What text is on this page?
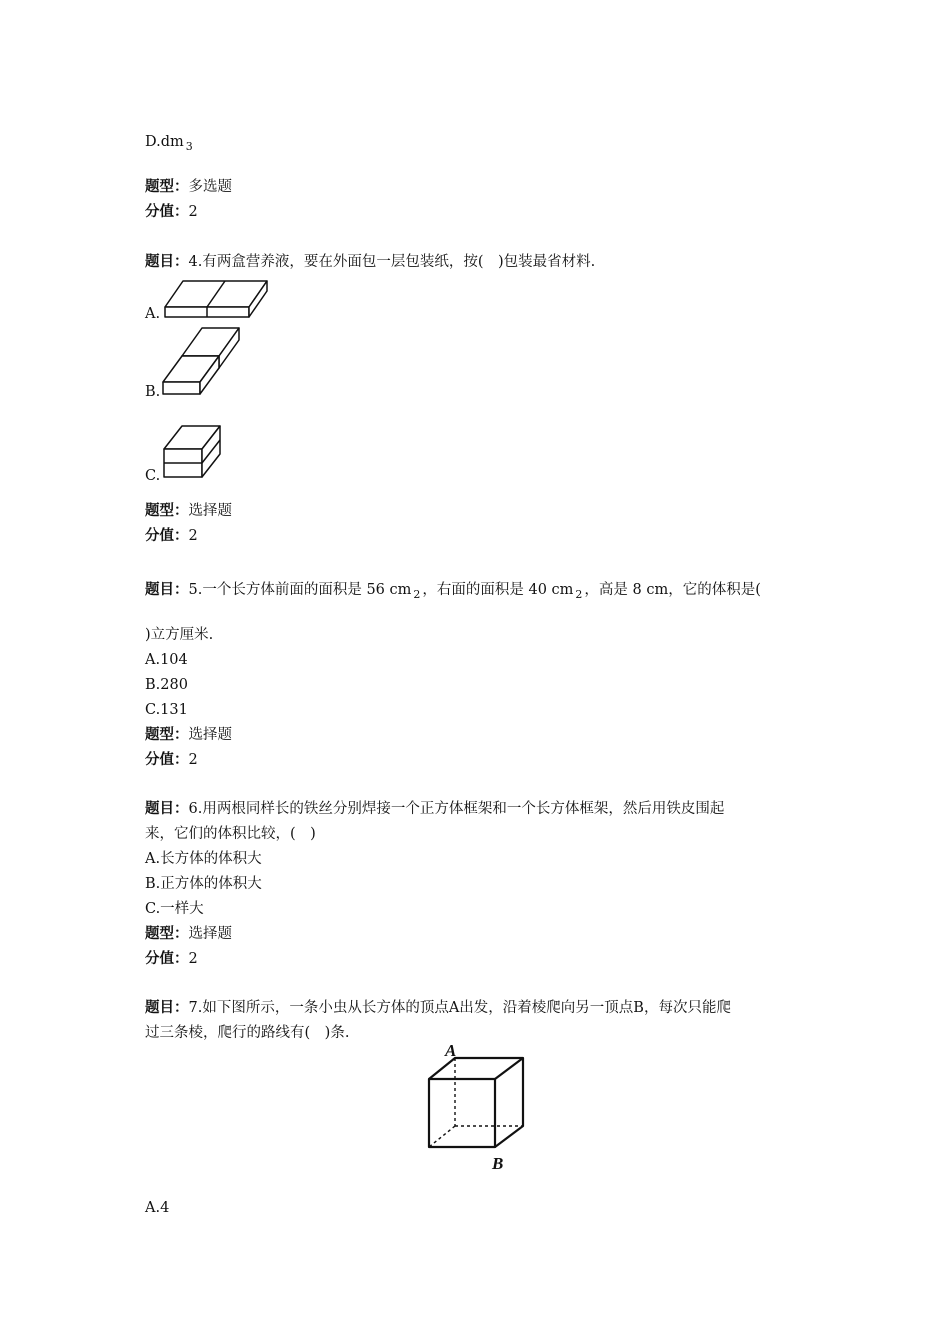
D.dm $_3$
题型：多选题
分值：2
题目：4.有两盒营养液，要在外面包一层包装纸，按(　)包装最省材料.
A.
B.
C.
题型：选择题
分值：2
题目：5.一个长方体前面的面积是 56 cm $_2$ ，右面的面积是 40 cm $_2$ ，高是 8 cm，它的体积是(
)立方厘米.
A.104
B.280
C.131
题型：选择题
分值：2
题目：6.用两根同样长的铁丝分别焊接一个正方体框架和一个长方体框架，然后用铁皮围起
来，它们的体积比较，(　)
A.长方体的体积大
B.正方体的体积大
C.一样大
题型：选择题
分值：2
题目：7.如下图所示，一条小虫从长方体的顶点A出发，沿着棱爬向另一顶点B，每次只能爬
过三条棱，爬行的路线有(　)条.
A
B
A.4
